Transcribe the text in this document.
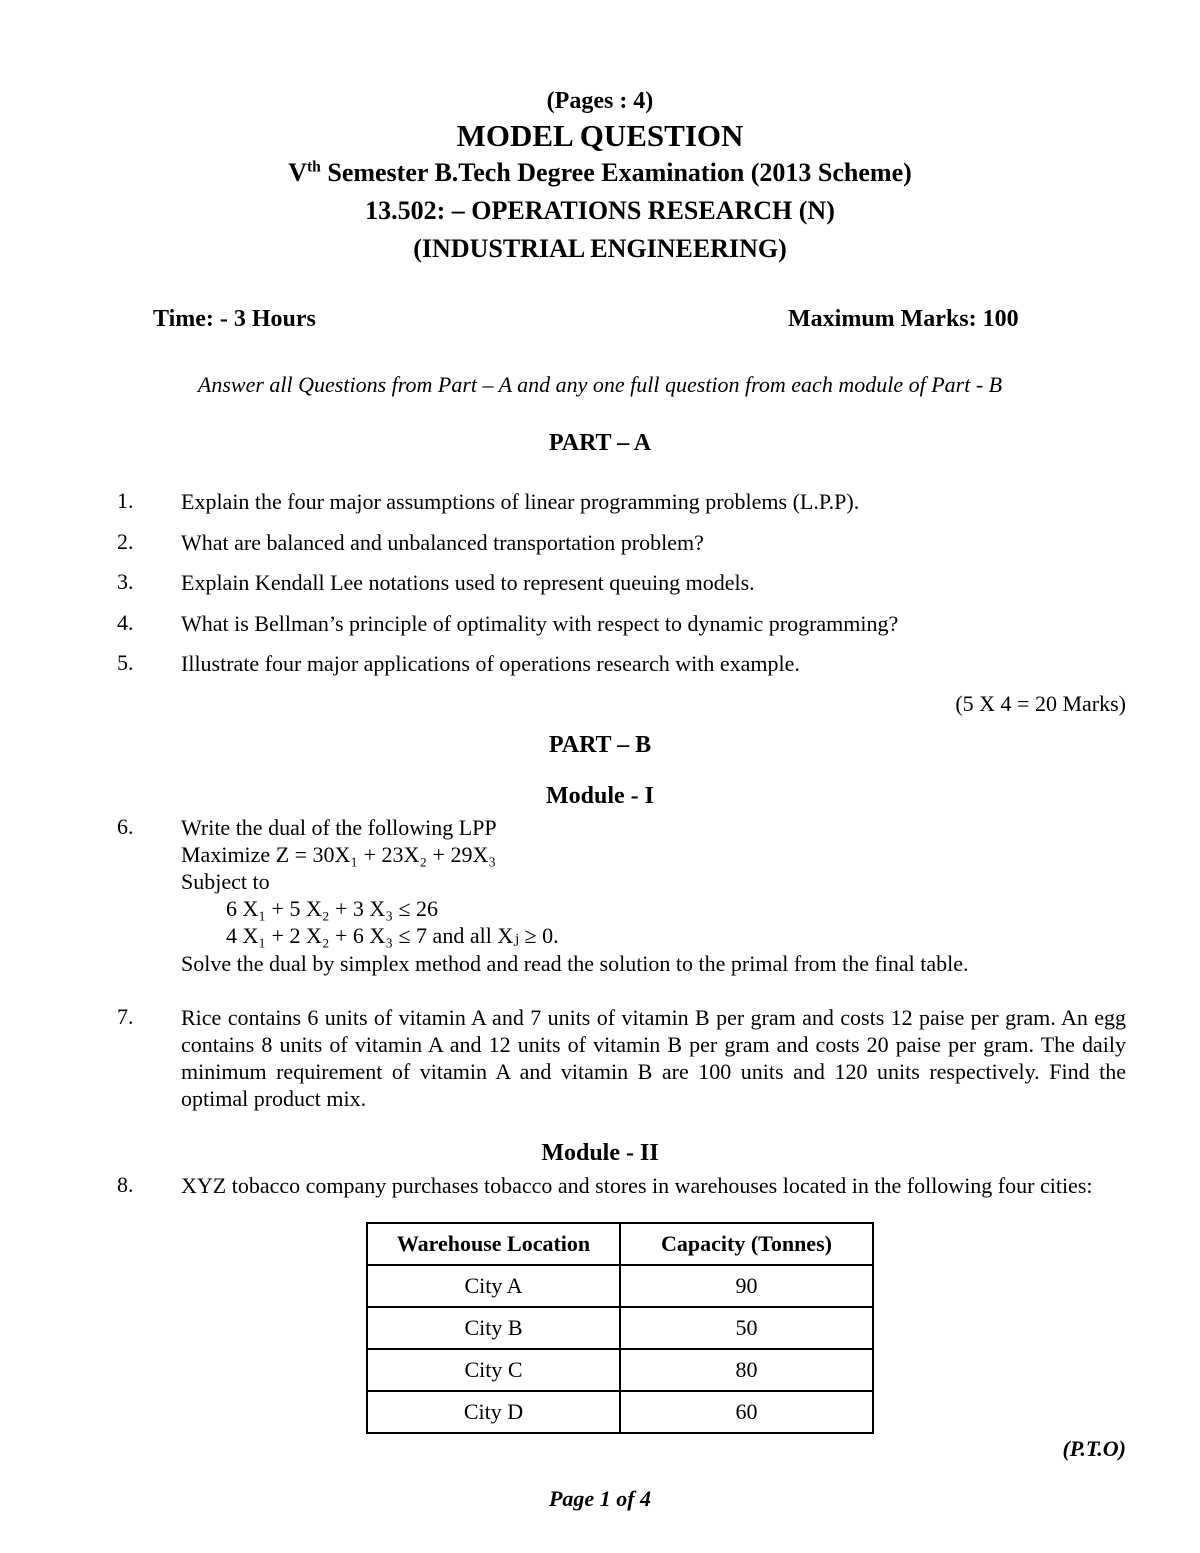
(Pages : 4)
MODEL QUESTION
Vth Semester B.Tech Degree Examination (2013 Scheme)
13.502: – OPERATIONS RESEARCH (N)
(INDUSTRIAL ENGINEERING)
Time: - 3 Hours	Maximum Marks: 100
Answer all Questions from Part – A and any one full question from each module of Part - B
PART – A
1. Explain the four major assumptions of linear programming problems (L.P.P).
2. What are balanced and unbalanced transportation problem?
3. Explain Kendall Lee notations used to represent queuing models.
4. What is Bellman’s principle of optimality with respect to dynamic programming?
5. Illustrate four major applications of operations research with example.
(5 X 4 = 20 Marks)
PART – B
Module - I
6. Write the dual of the following LPP
Maximize Z = 30X₁ + 23X₂ + 29X₃
Subject to
6 X₁ + 5 X₂ + 3 X₃ ≤ 26
4 X₁ + 2 X₂ + 6 X₃ ≤ 7 and all Xⱼ ≥ 0.
Solve the dual by simplex method and read the solution to the primal from the final table.
7. Rice contains 6 units of vitamin A and 7 units of vitamin B per gram and costs 12 paise per gram. An egg contains 8 units of vitamin A and 12 units of vitamin B per gram and costs 20 paise per gram. The daily minimum requirement of vitamin A and vitamin B are 100 units and 120 units respectively. Find the optimal product mix.
Module - II
8. XYZ tobacco company purchases tobacco and stores in warehouses located in the following four cities:
Warehouse Location	Capacity (Tonnes)
City A	90
City B	50
City C	80
City D	60
(P.T.O)
Page 1 of 4
